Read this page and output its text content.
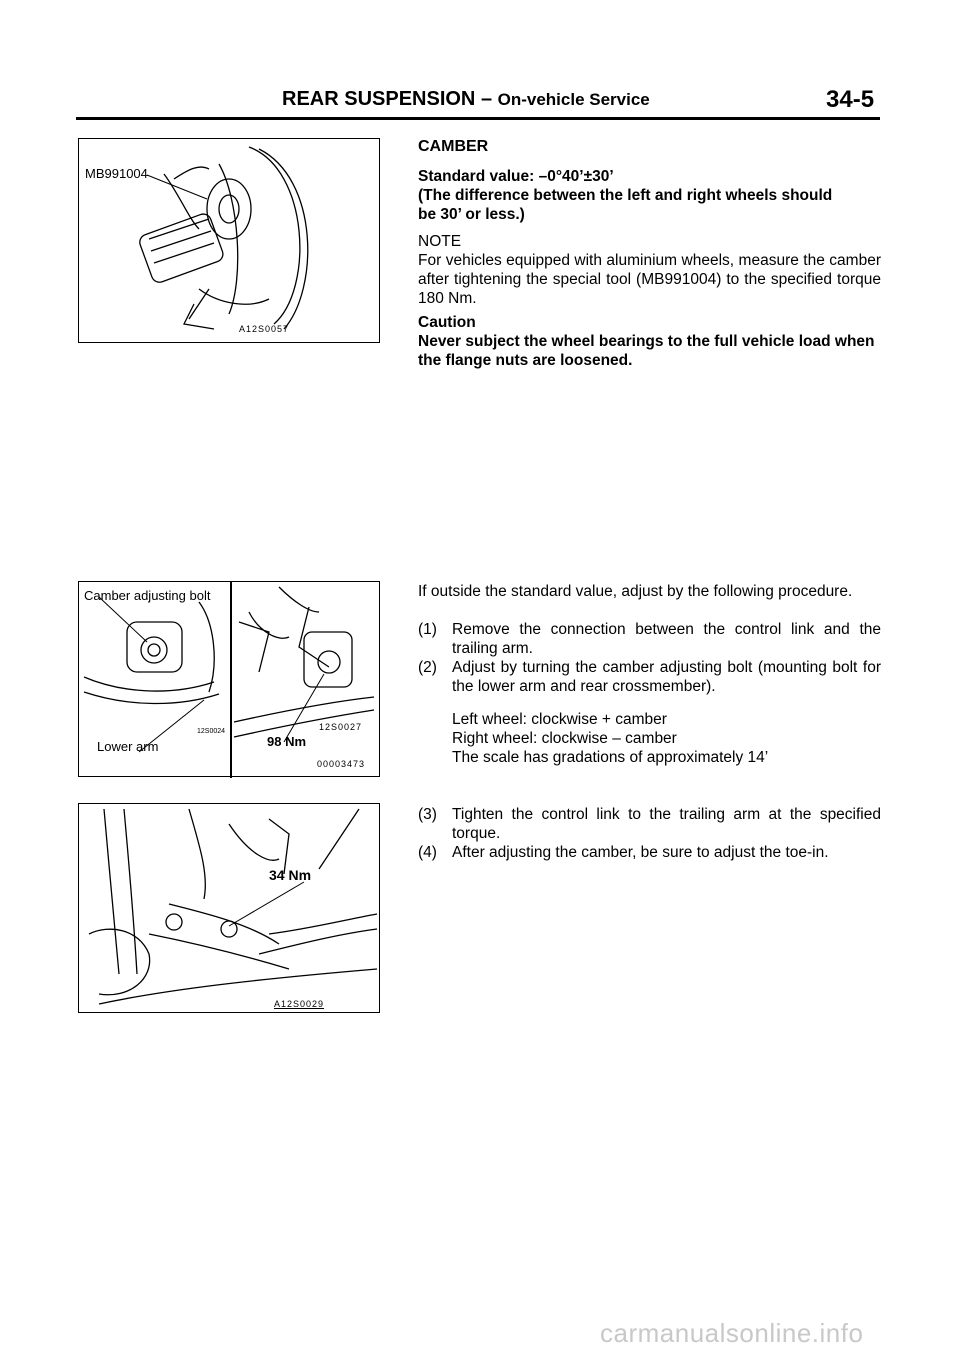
REAR SUSPENSION – On-vehicle Service	34-5
MB991004
A12S0057
Camber adjusting bolt
Lower arm
12S0024	12S0027
98 Nm
00003473
34 Nm
A12S0029
CAMBER
Standard value: –0°40’±30’
(The difference between the left and right wheels should
be 30’ or less.)
NOTE
For vehicles equipped with aluminium wheels, measure the camber after tightening the special tool (MB991004) to the specified torque 180 Nm.
Caution
Never subject the wheel bearings to the full vehicle load when the flange nuts are loosened.
If outside the standard value, adjust by the following procedure.
(1) Remove the connection between the control link and the trailing arm.
(2) Adjust by turning the camber adjusting bolt (mounting bolt for the lower arm and rear crossmember).
Left wheel: clockwise + camber
Right wheel: clockwise – camber
The scale has gradations of approximately 14’
(3) Tighten the control link to the trailing arm at the specified torque.
(4) After adjusting the camber, be sure to adjust the toe-in.
carmanualsonline.info
